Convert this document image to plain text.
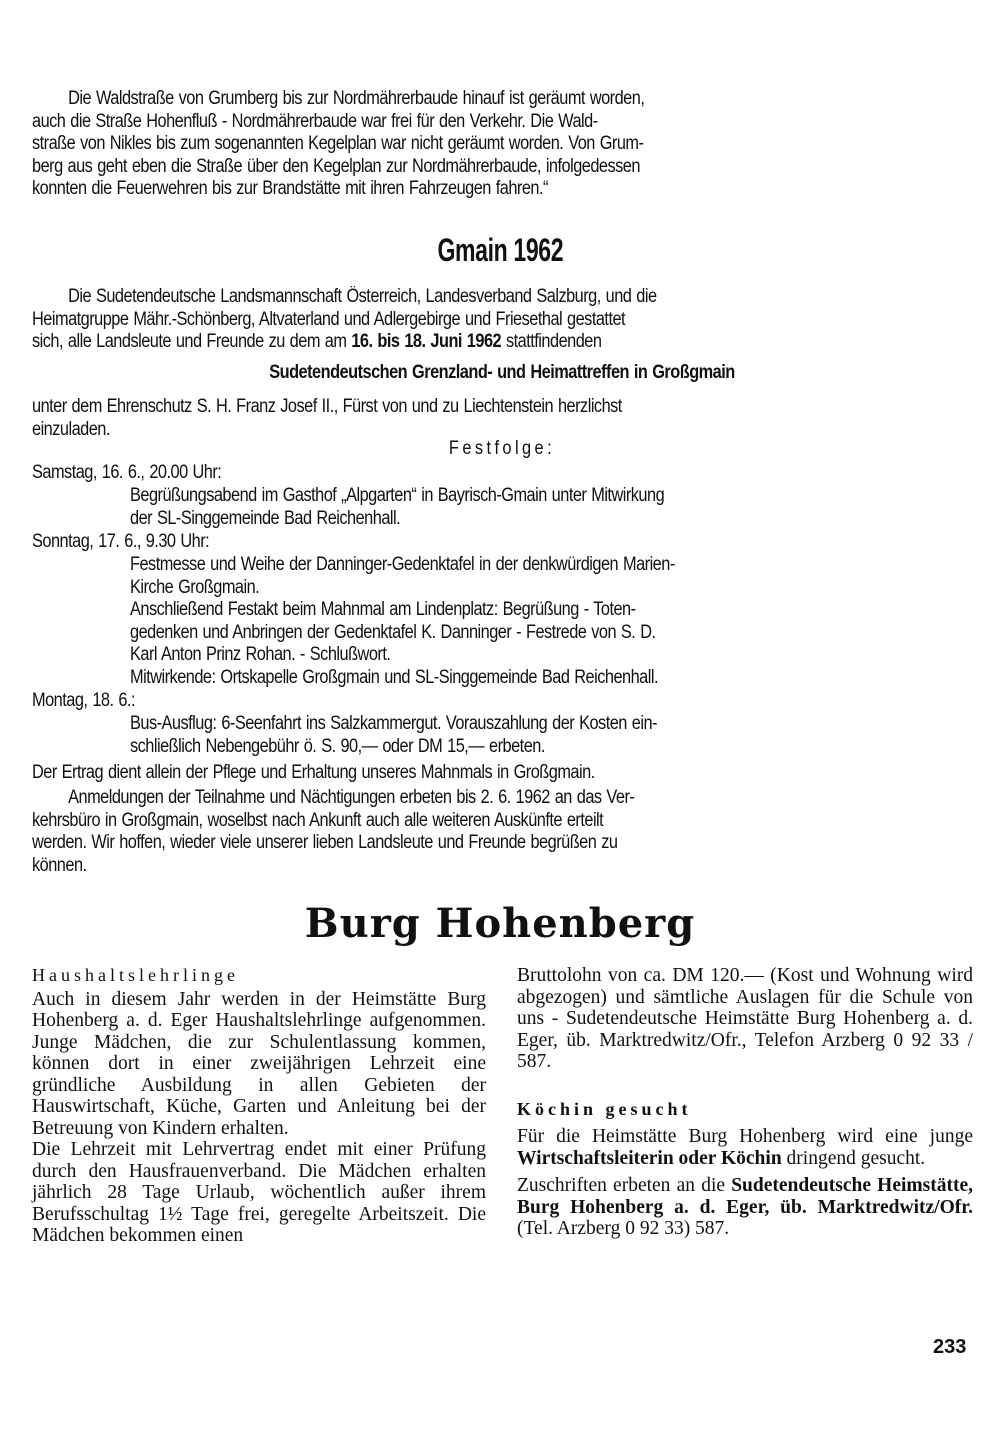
Die Waldstraße von Grumberg bis zur Nordmährerbaude hinauf ist geräumt worden,
auch die Straße Hohenfluß - Nordmährerbaude war frei für den Verkehr. Die Wald-
straße von Nikles bis zum sogenannten Kegelplan war nicht geräumt worden. Von Grum-
berg aus geht eben die Straße über den Kegelplan zur Nordmährerbaude, infolgedessen
konnten die Feuerwehren bis zur Brandstätte mit ihren Fahrzeugen fahren.“
Gmain 1962
Die Sudetendeutsche Landsmannschaft Österreich, Landesverband Salzburg, und die
Heimatgruppe Mähr.-Schönberg, Altvaterland und Adlergebirge und Friesethal gestattet
sich, alle Landsleute und Freunde zu dem am 16. bis 18. Juni 1962 stattfindenden
Sudetendeutschen Grenzland- und Heimattreffen in Großgmain
unter dem Ehrenschutz S. H. Franz Josef II., Fürst von und zu Liechtenstein herzlichst
einzuladen.
Festfolge:
Samstag, 16. 6., 20.00 Uhr:
Begrüßungsabend im Gasthof „Alpgarten“ in Bayrisch-Gmain unter Mitwirkung
der SL-Singgemeinde Bad Reichenhall.
Sonntag, 17. 6., 9.30 Uhr:
Festmesse und Weihe der Danninger-Gedenktafel in der denkwürdigen Marien-
Kirche Großgmain.
Anschließend Festakt beim Mahnmal am Lindenplatz: Begrüßung - Toten-
gedenken und Anbringen der Gedenktafel K. Danninger - Festrede von S. D.
Karl Anton Prinz Rohan. - Schlußwort.
Mitwirkende: Ortskapelle Großgmain und SL-Singgemeinde Bad Reichenhall.
Montag, 18. 6.:
Bus-Ausflug: 6-Seenfahrt ins Salzkammergut. Vorauszahlung der Kosten ein-
schließlich Nebengebühr ö. S. 90,— oder DM 15,— erbeten.
Der Ertrag dient allein der Pflege und Erhaltung unseres Mahnmals in Großgmain.
Anmeldungen der Teilnahme und Nächtigungen erbeten bis 2. 6. 1962 an das Ver-
kehrsbüro in Großgmain, woselbst nach Ankunft auch alle weiteren Auskünfte erteilt
werden. Wir hoffen, wieder viele unserer lieben Landsleute und Freunde begrüßen zu
können.
Burg Hohenberg
Haushaltslehrlinge

Auch in diesem Jahr werden in der Heimstätte Burg Hohenberg a. d. Eger Haushaltslehrlinge aufgenommen. Junge Mädchen, die zur Schulentlassung kommen, können dort in einer zweijährigen Lehrzeit eine gründliche Ausbildung in allen Gebieten der Hauswirtschaft, Küche, Garten und Anleitung bei der Betreuung von Kindern erhalten.

Die Lehrzeit mit Lehrvertrag endet mit einer Prüfung durch den Hausfrauenverband. Die Mädchen erhalten jährlich 28 Tage Urlaub, wöchentlich außer ihrem Berufsschultag 1½ Tage frei, geregelte Arbeitszeit. Die Mädchen bekommen einen

Bruttolohn von ca. DM 120.— (Kost und Wohnung wird abgezogen) und sämtliche Auslagen für die Schule von uns - Sudetendeutsche Heimstätte Burg Hohenberg a. d. Eger, üb. Marktredwitz/Ofr., Telefon Arzberg 0 92 33 / 587.

Köchin gesucht

Für die Heimstätte Burg Hohenberg wird eine junge Wirtschaftsleiterin oder Köchin dringend gesucht.

Zuschriften erbeten an die Sudetendeutsche Heimstätte, Burg Hohenberg a. d. Eger, üb. Marktredwitz/Ofr. (Tel. Arzberg 0 92 33) 587.

233
